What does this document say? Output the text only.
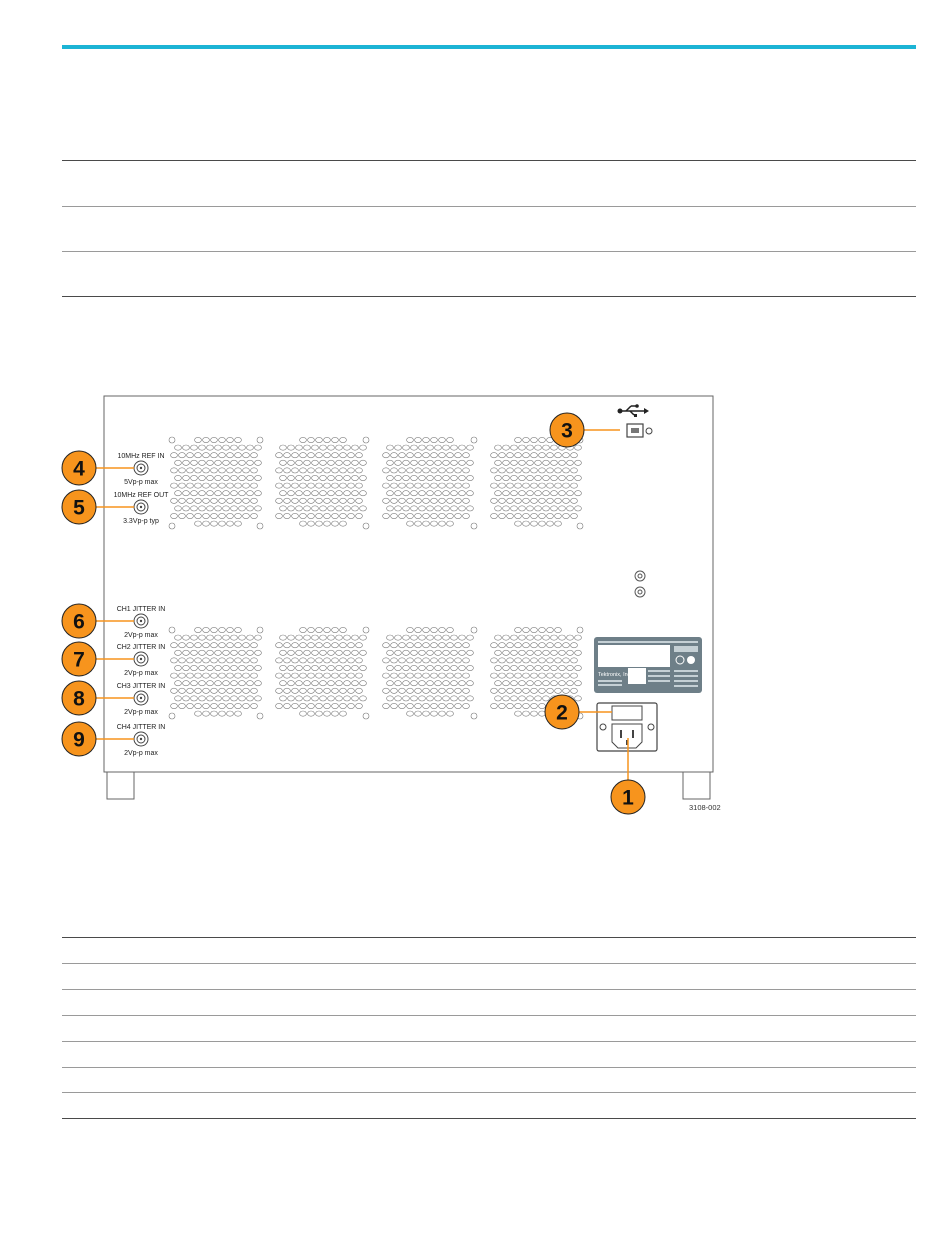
Tektronix, Inc.
10MHz REF IN
5Vp-p max
10MHz REF OUT
3.3Vp-p typ
CH1 JITTER IN
2Vp-p max
CH2 JITTER IN
2Vp-p max
CH3 JITTER IN
2Vp-p max
CH4 JITTER IN
2Vp-p max
4
5
6
7
8
9
3
2
1	3108-002
